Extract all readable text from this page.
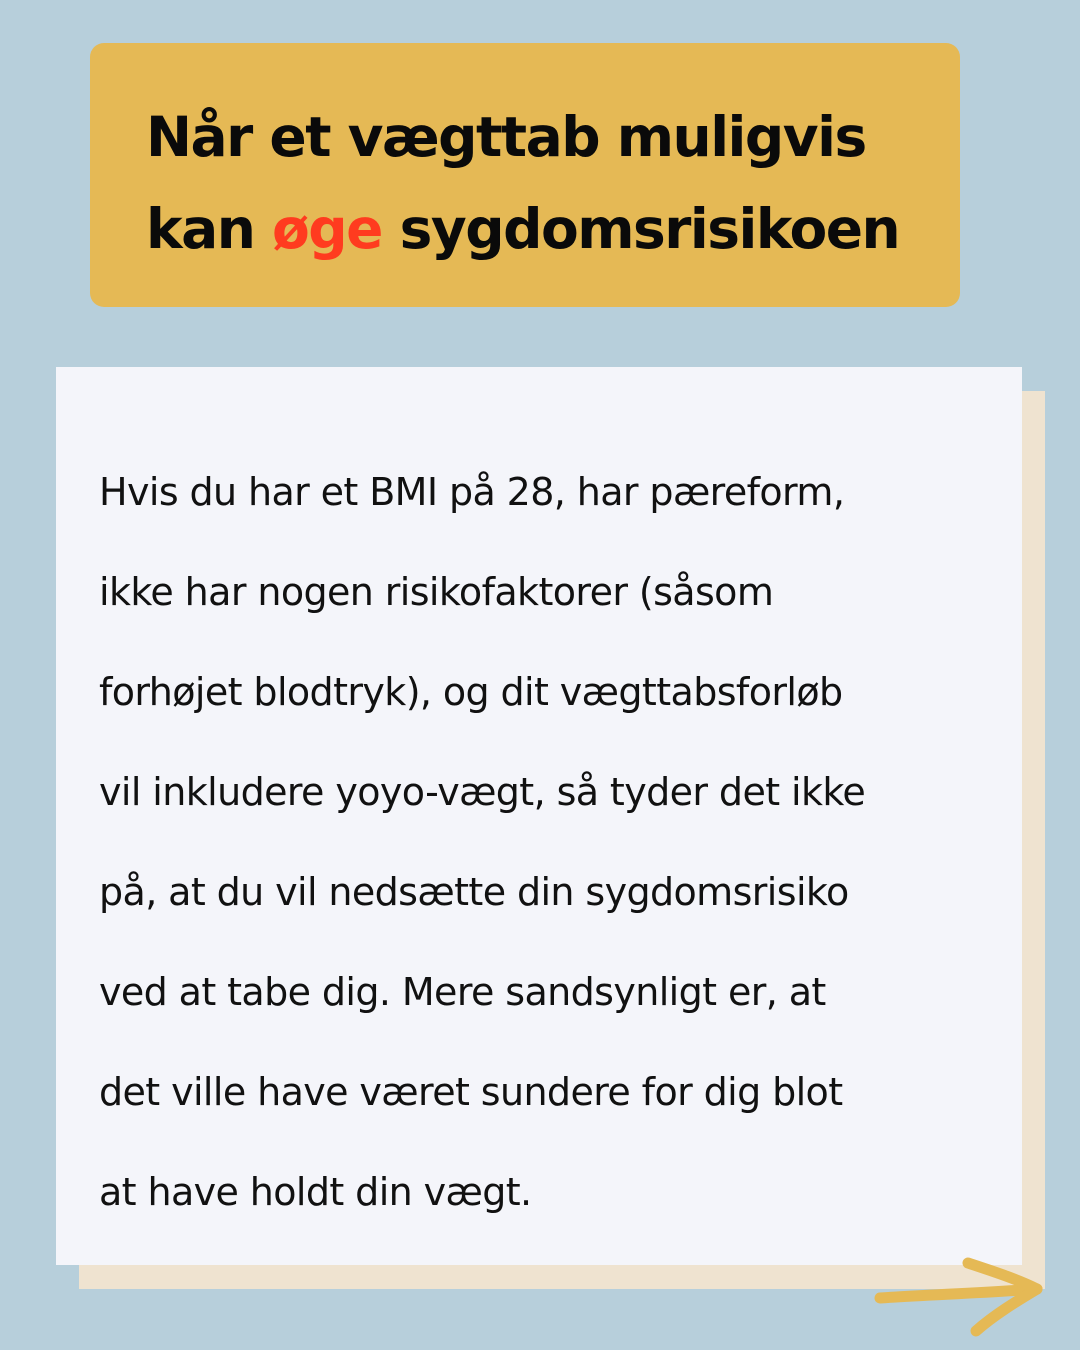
Når et vægttab muligvis
kan øge sygdomsrisikoen
Hvis du har et BMI på 28, har pæreform,
ikke har nogen risikofaktorer (såsom
forhøjet blodtryk), og dit vægttabsforløb
vil inkludere yoyo-vægt, så tyder det ikke
på, at du vil nedsætte din sygdomsrisiko
ved at tabe dig. Mere sandsynligt er, at
det ville have været sundere for dig blot
at have holdt din vægt.
